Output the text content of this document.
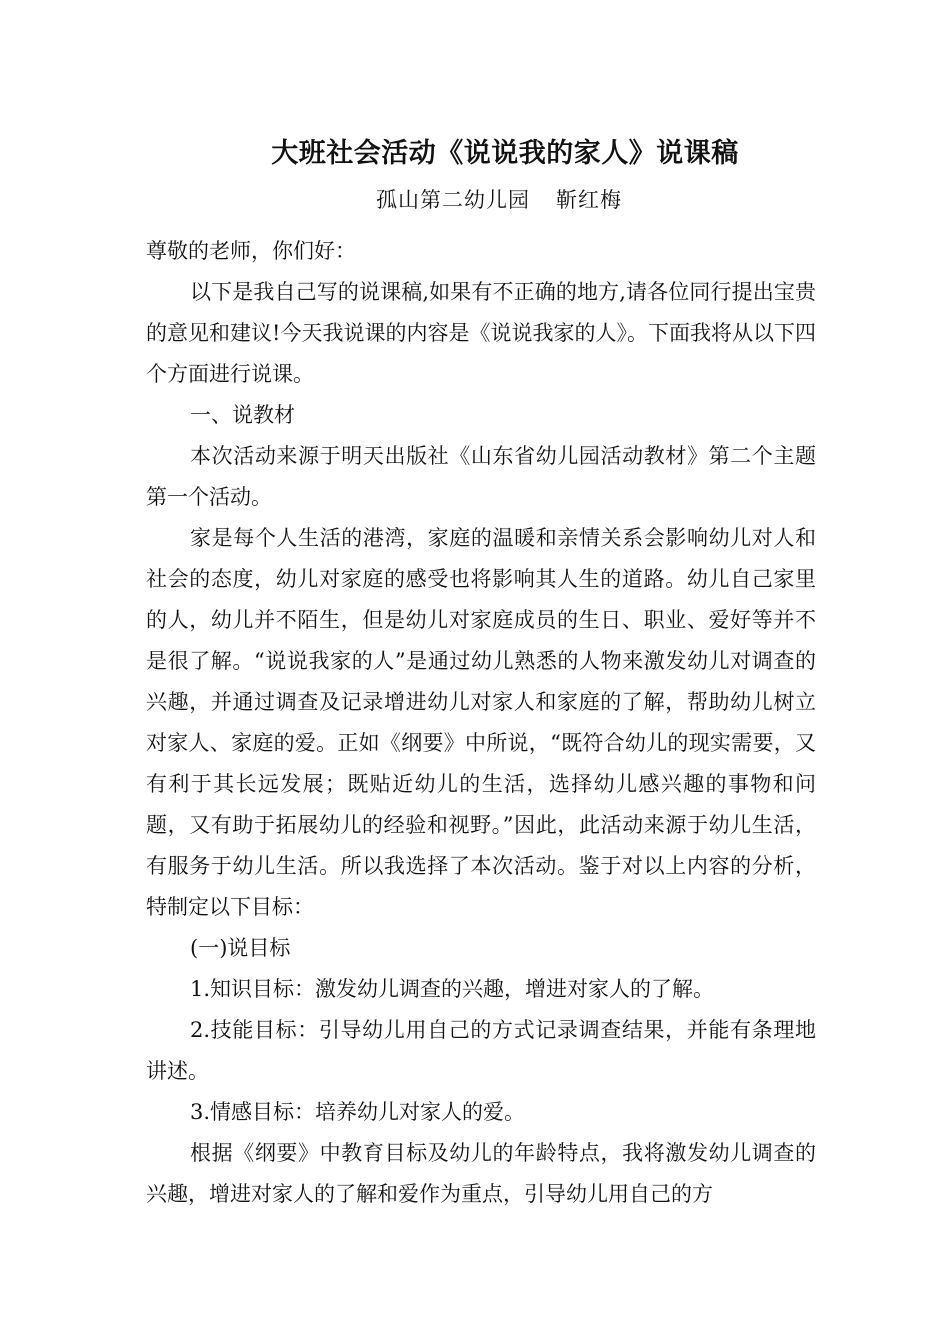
大班社会活动《说说我的家人》说课稿
孤山第二幼儿园 靳红梅

尊敬的老师，你们好：

以下是我自己写的说课稿,如果有不正确的地方,请各位同行提出宝贵的意见和建议!今天我说课的内容是《说说我家的人》。下面我将从以下四个方面进行说课。

一、说教材

本次活动来源于明天出版社《山东省幼儿园活动教材》第二个主题第一个活动。

家是每个人生活的港湾，家庭的温暖和亲情关系会影响幼儿对人和社会的态度，幼儿对家庭的感受也将影响其人生的道路。幼儿自己家里的人，幼儿并不陌生，但是幼儿对家庭成员的生日、职业、爱好等并不是很了解。“说说我家的人”是通过幼儿熟悉的人物来激发幼儿对调查的兴趣，并通过调查及记录增进幼儿对家人和家庭的了解，帮助幼儿树立对家人、家庭的爱。正如《纲要》中所说，“既符合幼儿的现实需要，又有利于其长远发展；既贴近幼儿的生活，选择幼儿感兴趣的事物和问题，又有助于拓展幼儿的经验和视野。”因此，此活动来源于幼儿生活，有服务于幼儿生活。所以我选择了本次活动。鉴于对以上内容的分析，特制定以下目标：

(一)说目标

1.知识目标：激发幼儿调查的兴趣，增进对家人的了解。

2.技能目标：引导幼儿用自己的方式记录调查结果，并能有条理地讲述。

3.情感目标：培养幼儿对家人的爱。

根据《纲要》中教育目标及幼儿的年龄特点，我将激发幼儿调查的兴趣，增进对家人的了解和爱作为重点，引导幼儿用自己的方
